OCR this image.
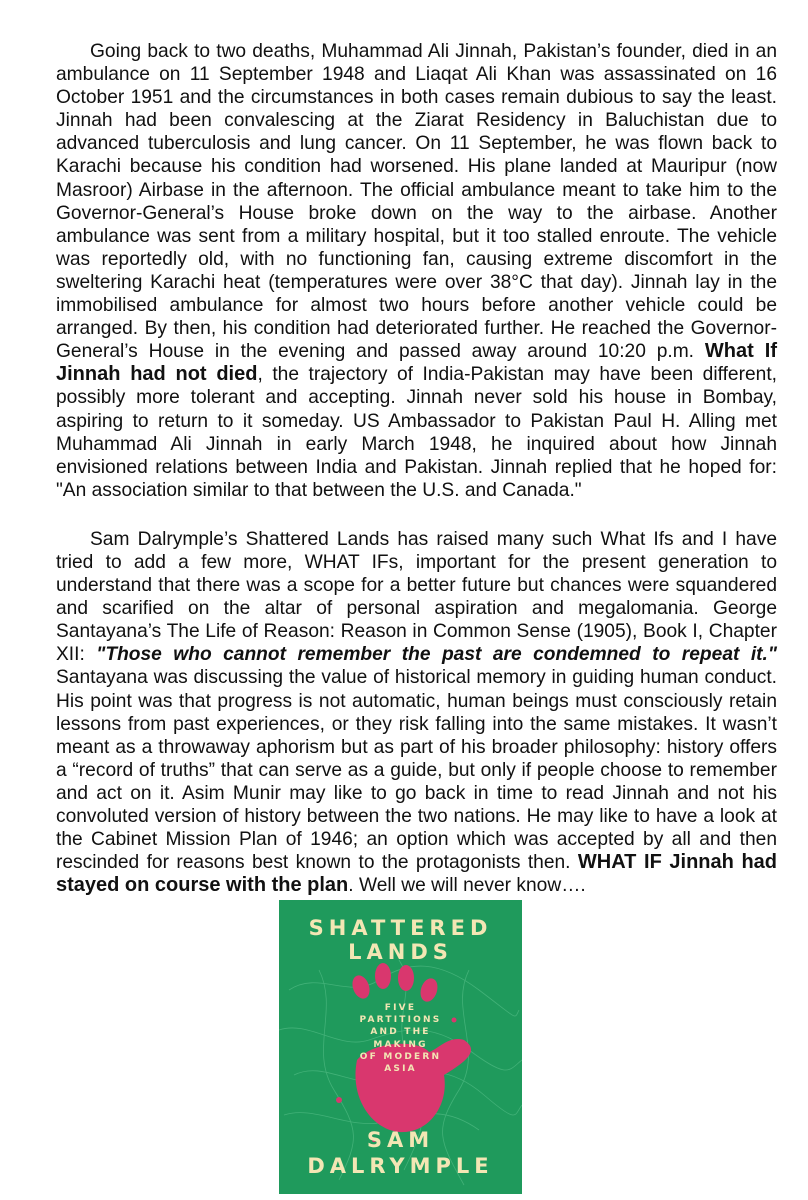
Going back to two deaths, Muhammad Ali Jinnah, Pakistan’s founder, died in an ambulance on 11 September 1948 and Liaqat Ali Khan was assassinated on 16 October 1951 and the circumstances in both cases remain dubious to say the least. Jinnah had been convalescing at the Ziarat Residency in Baluchistan due to advanced tuberculosis and lung cancer. On 11 September, he was flown back to Karachi because his condition had worsened. His plane landed at Mauripur (now Masroor) Airbase in the afternoon. The official ambulance meant to take him to the Governor-General’s House broke down on the way to the airbase. Another ambulance was sent from a military hospital, but it too stalled enroute. The vehicle was reportedly old, with no functioning fan, causing extreme discomfort in the sweltering Karachi heat (temperatures were over 38°C that day). Jinnah lay in the immobilised ambulance for almost two hours before another vehicle could be arranged. By then, his condition had deteriorated further. He reached the Governor-General’s House in the evening and passed away around 10:20 p.m. What If Jinnah had not died, the trajectory of India-Pakistan may have been different, possibly more tolerant and accepting. Jinnah never sold his house in Bombay, aspiring to return to it someday. US Ambassador to Pakistan Paul H. Alling met Muhammad Ali Jinnah in early March 1948, he inquired about how Jinnah envisioned relations between India and Pakistan. Jinnah replied that he hoped for: "An association similar to that between the U.S. and Canada."

Sam Dalrymple’s Shattered Lands has raised many such What Ifs and I have tried to add a few more, WHAT IFs, important for the present generation to understand that there was a scope for a better future but chances were squandered and scarified on the altar of personal aspiration and megalomania. George Santayana’s The Life of Reason: Reason in Common Sense (1905), Book I, Chapter XII: "Those who cannot remember the past are condemned to repeat it." Santayana was discussing the value of historical memory in guiding human conduct. His point was that progress is not automatic, human beings must consciously retain lessons from past experiences, or they risk falling into the same mistakes. It wasn’t meant as a throwaway aphorism but as part of his broader philosophy: history offers a “record of truths” that can serve as a guide, but only if people choose to remember and act on it. Asim Munir may like to go back in time to read Jinnah and not his convoluted version of history between the two nations. He may like to have a look at the Cabinet Mission Plan of 1946; an option which was accepted by all and then rescinded for reasons best known to the protagonists then. WHAT IF Jinnah had stayed on course with the plan. Well we will never know….

SHATTERED
LANDS
FIVE
PARTITIONS
AND THE
MAKING
OF MODERN
ASIA
SAM
DALRYMPLE
